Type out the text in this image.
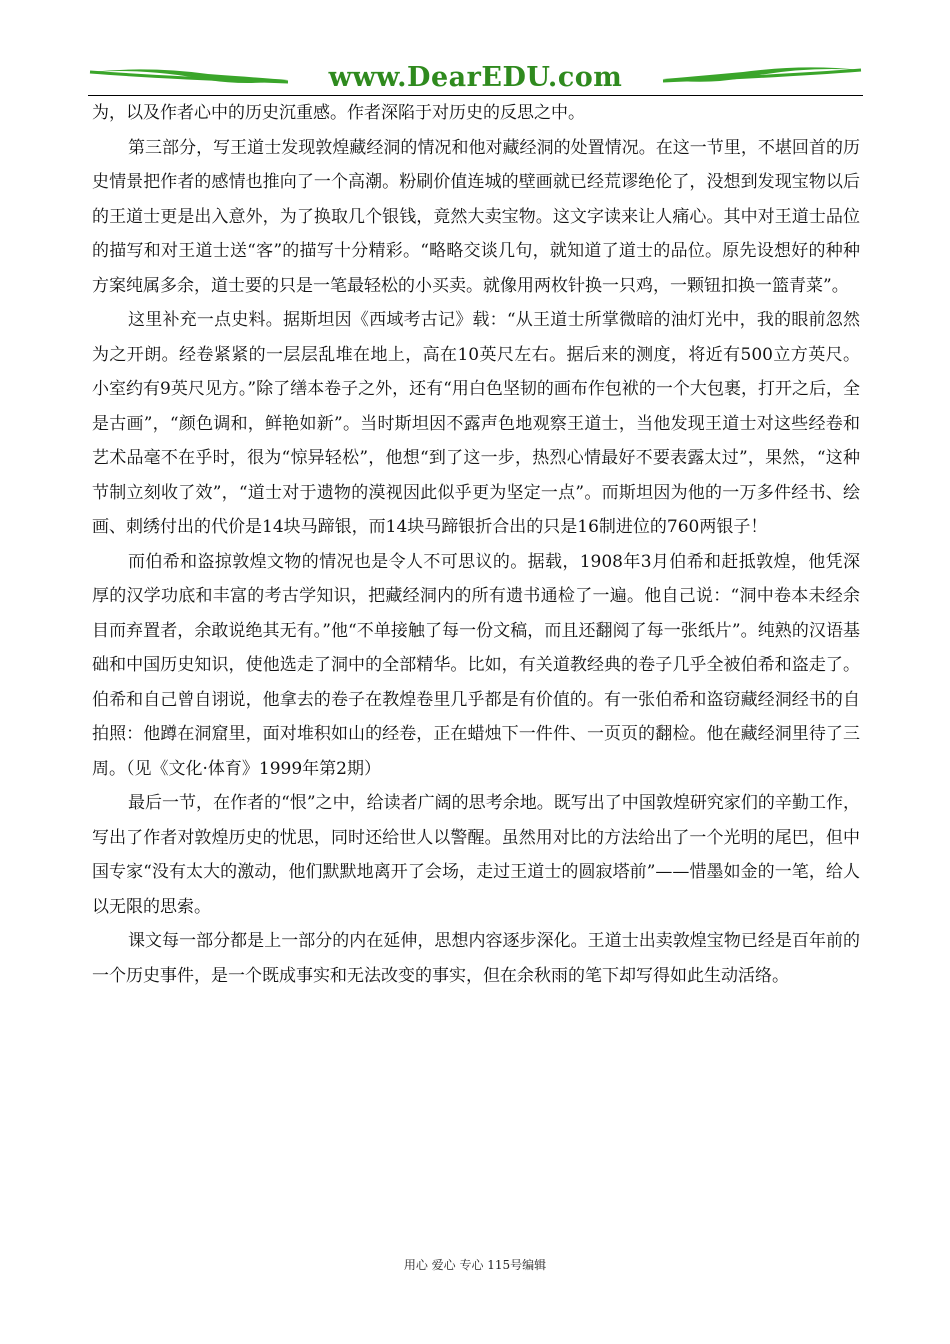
www.DearEDU.com

为，以及作者心中的历史沉重感。作者深陷于对历史的反思之中。

第三部分，写王道士发现敦煌藏经洞的情况和他对藏经洞的处置情况。在这一节里，不堪回首的历史情景把作者的感情也推向了一个高潮。粉刷价值连城的壁画就已经荒谬绝伦了，没想到发现宝物以后的王道士更是出入意外，为了换取几个银钱，竟然大卖宝物。这文字读来让人痛心。其中对王道士品位的描写和对王道士送“客”的描写十分精彩。“略略交谈几句，就知道了道士的品位。原先设想好的种种方案纯属多余，道士要的只是一笔最轻松的小买卖。就像用两枚针换一只鸡，一颗钮扣换一篮青菜”。

这里补充一点史料。据斯坦因《西域考古记》载：“从王道士所掌微暗的油灯光中，我的眼前忽然为之开朗。经卷紧紧的一层层乱堆在地上，高在10英尺左右。据后来的测度，将近有500立方英尺。小室约有9英尺见方。”除了缮本卷子之外，还有“用白色坚韧的画布作包袱的一个大包裹，打开之后，全是古画”，“颜色调和，鲜艳如新”。当时斯坦因不露声色地观察王道士，当他发现王道士对这些经卷和艺术品毫不在乎时，很为“惊异轻松”，他想“到了这一步，热烈心情最好不要表露太过”，果然，“这种节制立刻收了效”，“道士对于遗物的漠视因此似乎更为坚定一点”。而斯坦因为他的一万多件经书、绘画、刺绣付出的代价是14块马蹄银，而14块马蹄银折合出的只是16制进位的760两银子！

而伯希和盗掠敦煌文物的情况也是令人不可思议的。据载，1908年3月伯希和赶抵敦煌，他凭深厚的汉学功底和丰富的考古学知识，把藏经洞内的所有遗书通检了一遍。他自己说：“洞中卷本未经余目而弃置者，余敢说绝其无有。”他“不单接触了每一份文稿，而且还翻阅了每一张纸片”。纯熟的汉语基础和中国历史知识，使他选走了洞中的全部精华。比如，有关道教经典的卷子几乎全被伯希和盗走了。伯希和自己曾自诩说，他拿去的卷子在教煌卷里几乎都是有价值的。有一张伯希和盗窃藏经洞经书的自拍照：他蹲在洞窟里，面对堆积如山的经卷，正在蜡烛下一件件、一页页的翻检。他在藏经洞里待了三周。（见《文化·体育》1999年第2期）

最后一节，在作者的“恨”之中，给读者广阔的思考余地。既写出了中国敦煌研究家们的辛勤工作，写出了作者对敦煌历史的忧思，同时还给世人以警醒。虽然用对比的方法给出了一个光明的尾巴，但中国专家“没有太大的激动，他们默默地离开了会场，走过王道士的圆寂塔前”——惜墨如金的一笔，给人以无限的思索。

课文每一部分都是上一部分的内在延伸，思想内容逐步深化。王道士出卖敦煌宝物已经是百年前的一个历史事件，是一个既成事实和无法改变的事实，但在余秋雨的笔下却写得如此生动活络。

用心 爱心 专心 115号编辑
